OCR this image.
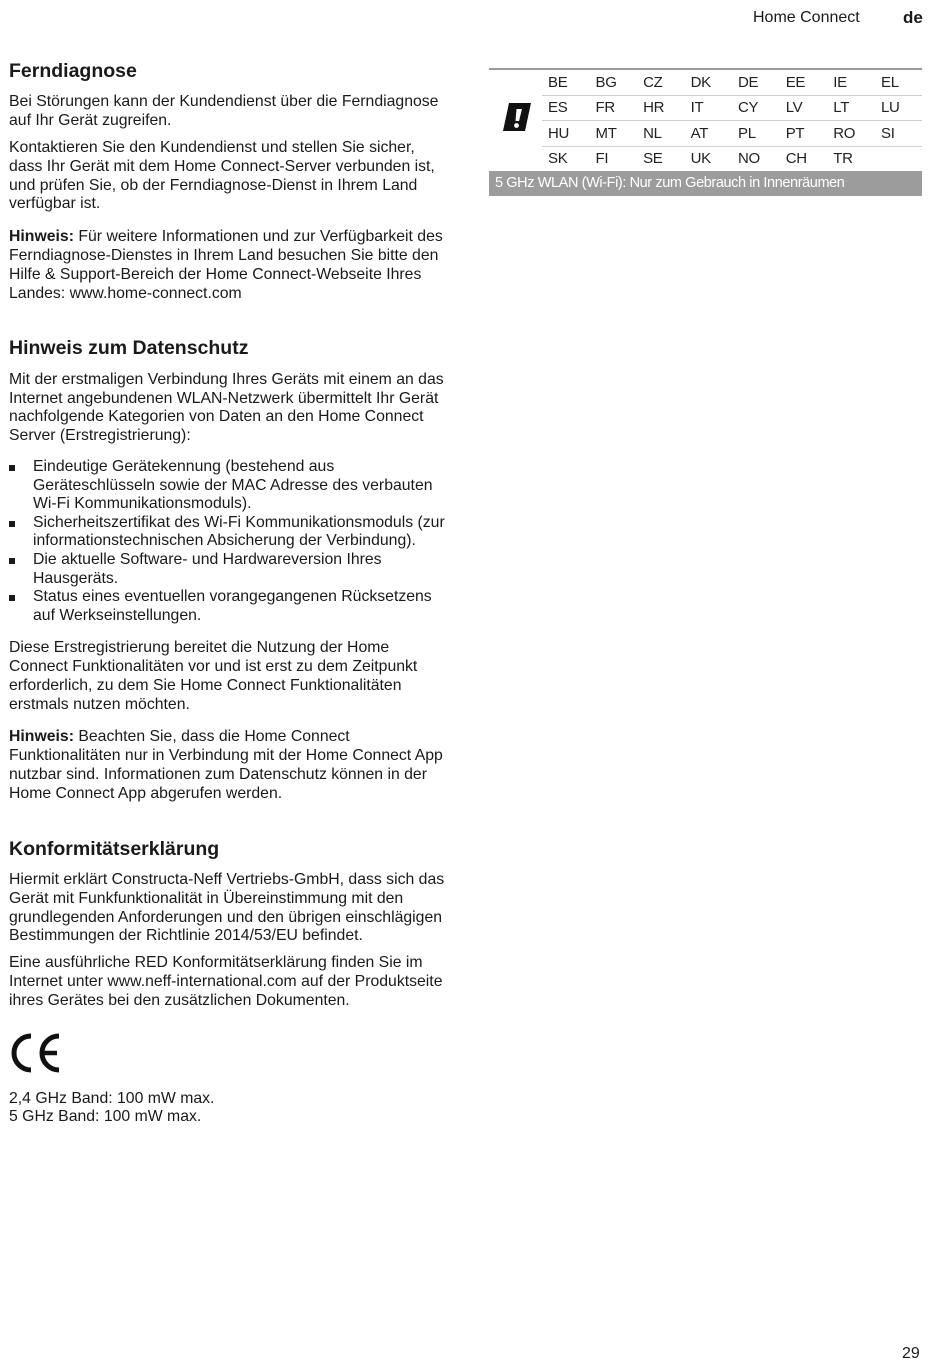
Home Connect	de
Ferndiagnose

Bei Störungen kann der Kundendienst über die Ferndiagnose auf Ihr Gerät zugreifen.

Kontaktieren Sie den Kundendienst und stellen Sie sicher, dass Ihr Gerät mit dem Home Connect-Server verbunden ist, und prüfen Sie, ob der Ferndiagnose-Dienst in Ihrem Land verfügbar ist.

Hinweis: Für weitere Informationen und zur Verfügbarkeit des Ferndiagnose-Dienstes in Ihrem Land besuchen Sie bitte den Hilfe & Support-Bereich der Home Connect-Webseite Ihres Landes: www.home-connect.com

Hinweis zum Datenschutz

Mit der erstmaligen Verbindung Ihres Geräts mit einem an das Internet angebundenen WLAN-Netzwerk übermittelt Ihr Gerät nachfolgende Kategorien von Daten an den Home Connect Server (Erstregistrierung):

Eindeutige Gerätekennung (bestehend aus Geräteschlüsseln sowie der MAC Adresse des verbauten Wi-Fi Kommunikationsmoduls).
Sicherheitszertifikat des Wi-Fi Kommunikationsmoduls (zur informationstechnischen Absicherung der Verbindung).
Die aktuelle Software- und Hardwareversion Ihres Hausgeräts.
Status eines eventuellen vorangegangenen Rücksetzens auf Werkseinstellungen.

Diese Erstregistrierung bereitet die Nutzung der Home Connect Funktionalitäten vor und ist erst zu dem Zeitpunkt erforderlich, zu dem Sie Home Connect Funktionalitäten erstmals nutzen möchten.

Hinweis: Beachten Sie, dass die Home Connect Funktionalitäten nur in Verbindung mit der Home Connect App nutzbar sind. Informationen zum Datenschutz können in der Home Connect App abgerufen werden.

Konformitätserklärung

Hiermit erklärt Constructa-Neff Vertriebs-GmbH, dass sich das Gerät mit Funkfunktionalität in Übereinstimmung mit den grundlegenden Anforderungen und den übrigen einschlägigen Bestimmungen der Richtlinie 2014/53/EU befindet.

Eine ausführliche RED Konformitätserklärung finden Sie im Internet unter www.neff-international.com auf der Produktseite ihres Gerätes bei den zusätzlichen Dokumenten.

2,4 GHz Band: 100 mW max.

5 GHz Band: 100 mW max.

BE	BG	CZ	DK	DE	EE	IE	EL
ES	FR	HR	IT	CY	LV	LT	LU
HU	MT	NL	AT	PL	PT	RO	SI
SK	FI	SE	UK	NO	CH	TR	
5 GHz WLAN (Wi-Fi): Nur zum Gebrauch in Innenräumen
29
